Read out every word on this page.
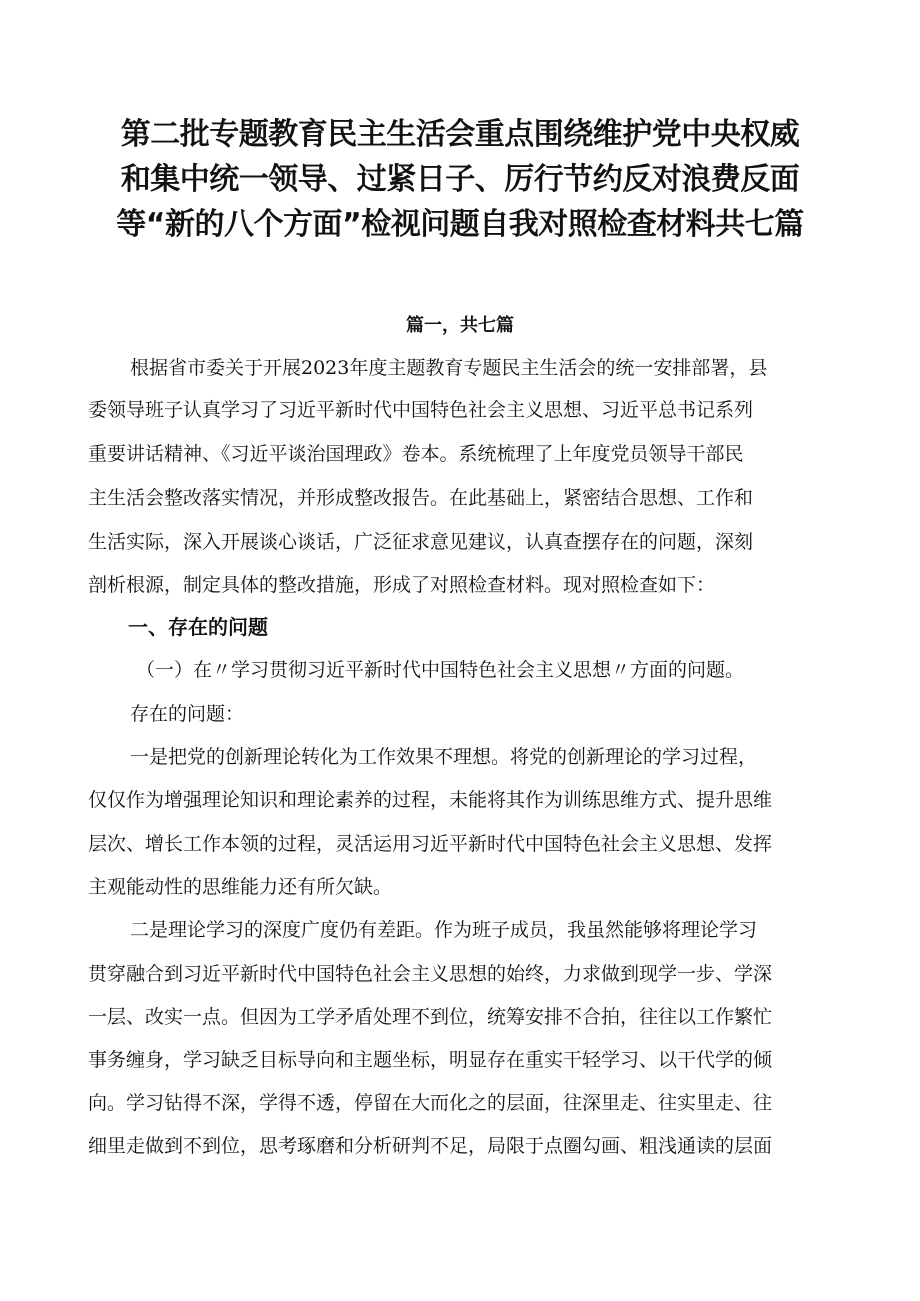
第二批专题教育民主生活会重点围绕维护党中央权威
和集中统一领导、过紧日子、厉行节约反对浪费反面
等“新的八个方面”检视问题自我对照检查材料共七篇
篇一，共七篇
根据省市委关于开展2023年度主题教育专题民主生活会的统一安排部署，县
委领导班子认真学习了习近平新时代中国特色社会主义思想、习近平总书记系列
重要讲话精神、《习近平谈治国理政》卷本。系统梳理了上年度党员领导干部民
主生活会整改落实情况，并形成整改报告。在此基础上，紧密结合思想、工作和
生活实际，深入开展谈心谈话，广泛征求意见建议，认真查摆存在的问题，深刻
剖析根源，制定具体的整改措施，形成了对照检查材料。现对照检查如下：
一、存在的问题
（一）在〃学习贯彻习近平新时代中国特色社会主义思想〃方面的问题。
存在的问题：
一是把党的创新理论转化为工作效果不理想。将党的创新理论的学习过程，
仅仅作为增强理论知识和理论素养的过程，未能将其作为训练思维方式、提升思维
层次、增长工作本领的过程，灵活运用习近平新时代中国特色社会主义思想、发挥
主观能动性的思维能力还有所欠缺。
二是理论学习的深度广度仍有差距。作为班子成员，我虽然能够将理论学习
贯穿融合到习近平新时代中国特色社会主义思想的始终，力求做到现学一步、学深
一层、改实一点。但因为工学矛盾处理不到位，统筹安排不合拍，往往以工作繁忙
事务缠身，学习缺乏目标导向和主题坐标，明显存在重实干轻学习、以干代学的倾
向。学习钻得不深，学得不透，停留在大而化之的层面，往深里走、往实里走、往
细里走做到不到位，思考琢磨和分析研判不足，局限于点圈勾画、粗浅通读的层面
